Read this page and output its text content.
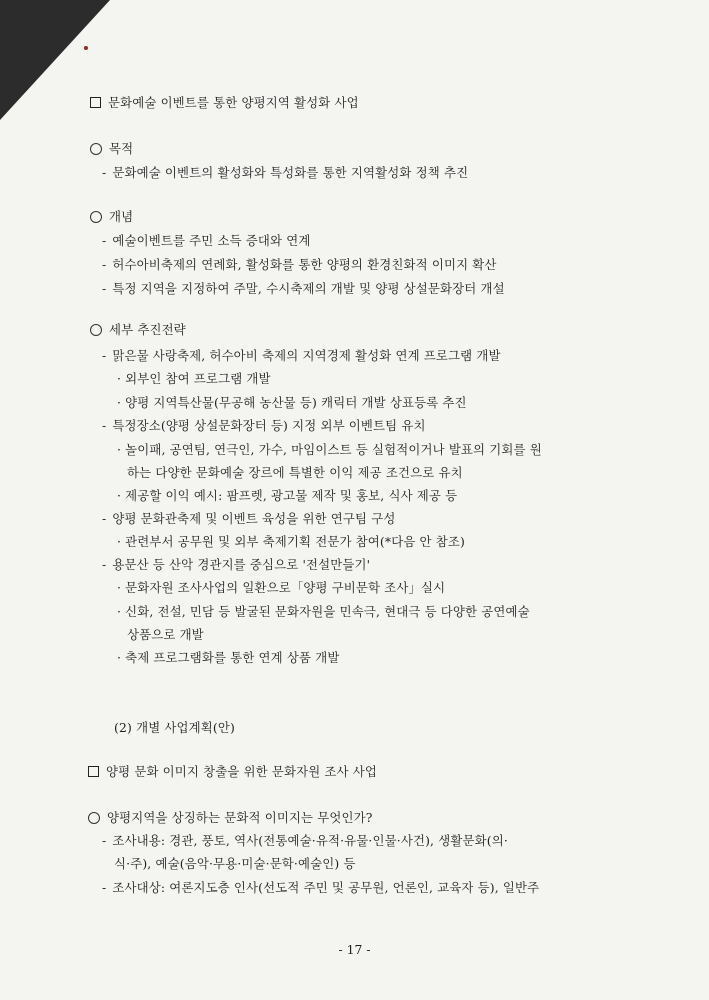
문화예술 이벤트를 통한 양평지역 활성화 사업
목적
- 문화예술 이벤트의 활성화와 특성화를 통한 지역활성화 정책 추진
개념
- 예술이벤트를 주민 소득 증대와 연계
- 허수아비축제의 연례화, 활성화를 통한 양평의 환경친화적 이미지 확산
- 특정 지역을 지정하여 주말, 수시축제의 개발 및 양평 상설문화장터 개설
세부 추진전략
- 맑은물 사랑축제, 허수아비 축제의 지역경제 활성화 연계 프로그램 개발
· 외부인 참여 프로그램 개발
· 양평 지역특산물(무공해 농산물 등) 캐릭터 개발 상표등록 추진
- 특정장소(양평 상설문화장터 등) 지정 외부 이벤트팀 유치
· 놀이패, 공연팀, 연극인, 가수, 마임이스트 등 실험적이거나 발표의 기회를 원
하는 다양한 문화예술 장르에 특별한 이익 제공 조건으로 유치
· 제공할 이익 예시: 팜프렛, 광고물 제작 및 홍보, 식사 제공 등
- 양평 문화관축제 및 이벤트 육성을 위한 연구팀 구성
· 관련부서 공무원 및 외부 축제기획 전문가 참여(*다음 안 참조)
- 용문산 등 산악 경관지를 중심으로 '전설만들기'
· 문화자원 조사사업의 일환으로「양평 구비문학 조사」실시
· 신화, 전설, 민담 등 발굴된 문화자원을 민속극, 현대극 등 다양한 공연예술
상품으로 개발
· 축제 프로그램화를 통한 연계 상품 개발
(2) 개별 사업계획(안)
양평 문화 이미지 창출을 위한 문화자원 조사 사업
양평지역을 상징하는 문화적 이미지는 무엇인가?
- 조사내용: 경관, 풍토, 역사(전통예술·유적·유물·인물·사건), 생활문화(의·
식·주), 예술(음악·무용·미술·문학·예술인) 등
- 조사대상: 여론지도층 인사(선도적 주민 및 공무원, 언론인, 교육자 등), 일반주
- 17 -
